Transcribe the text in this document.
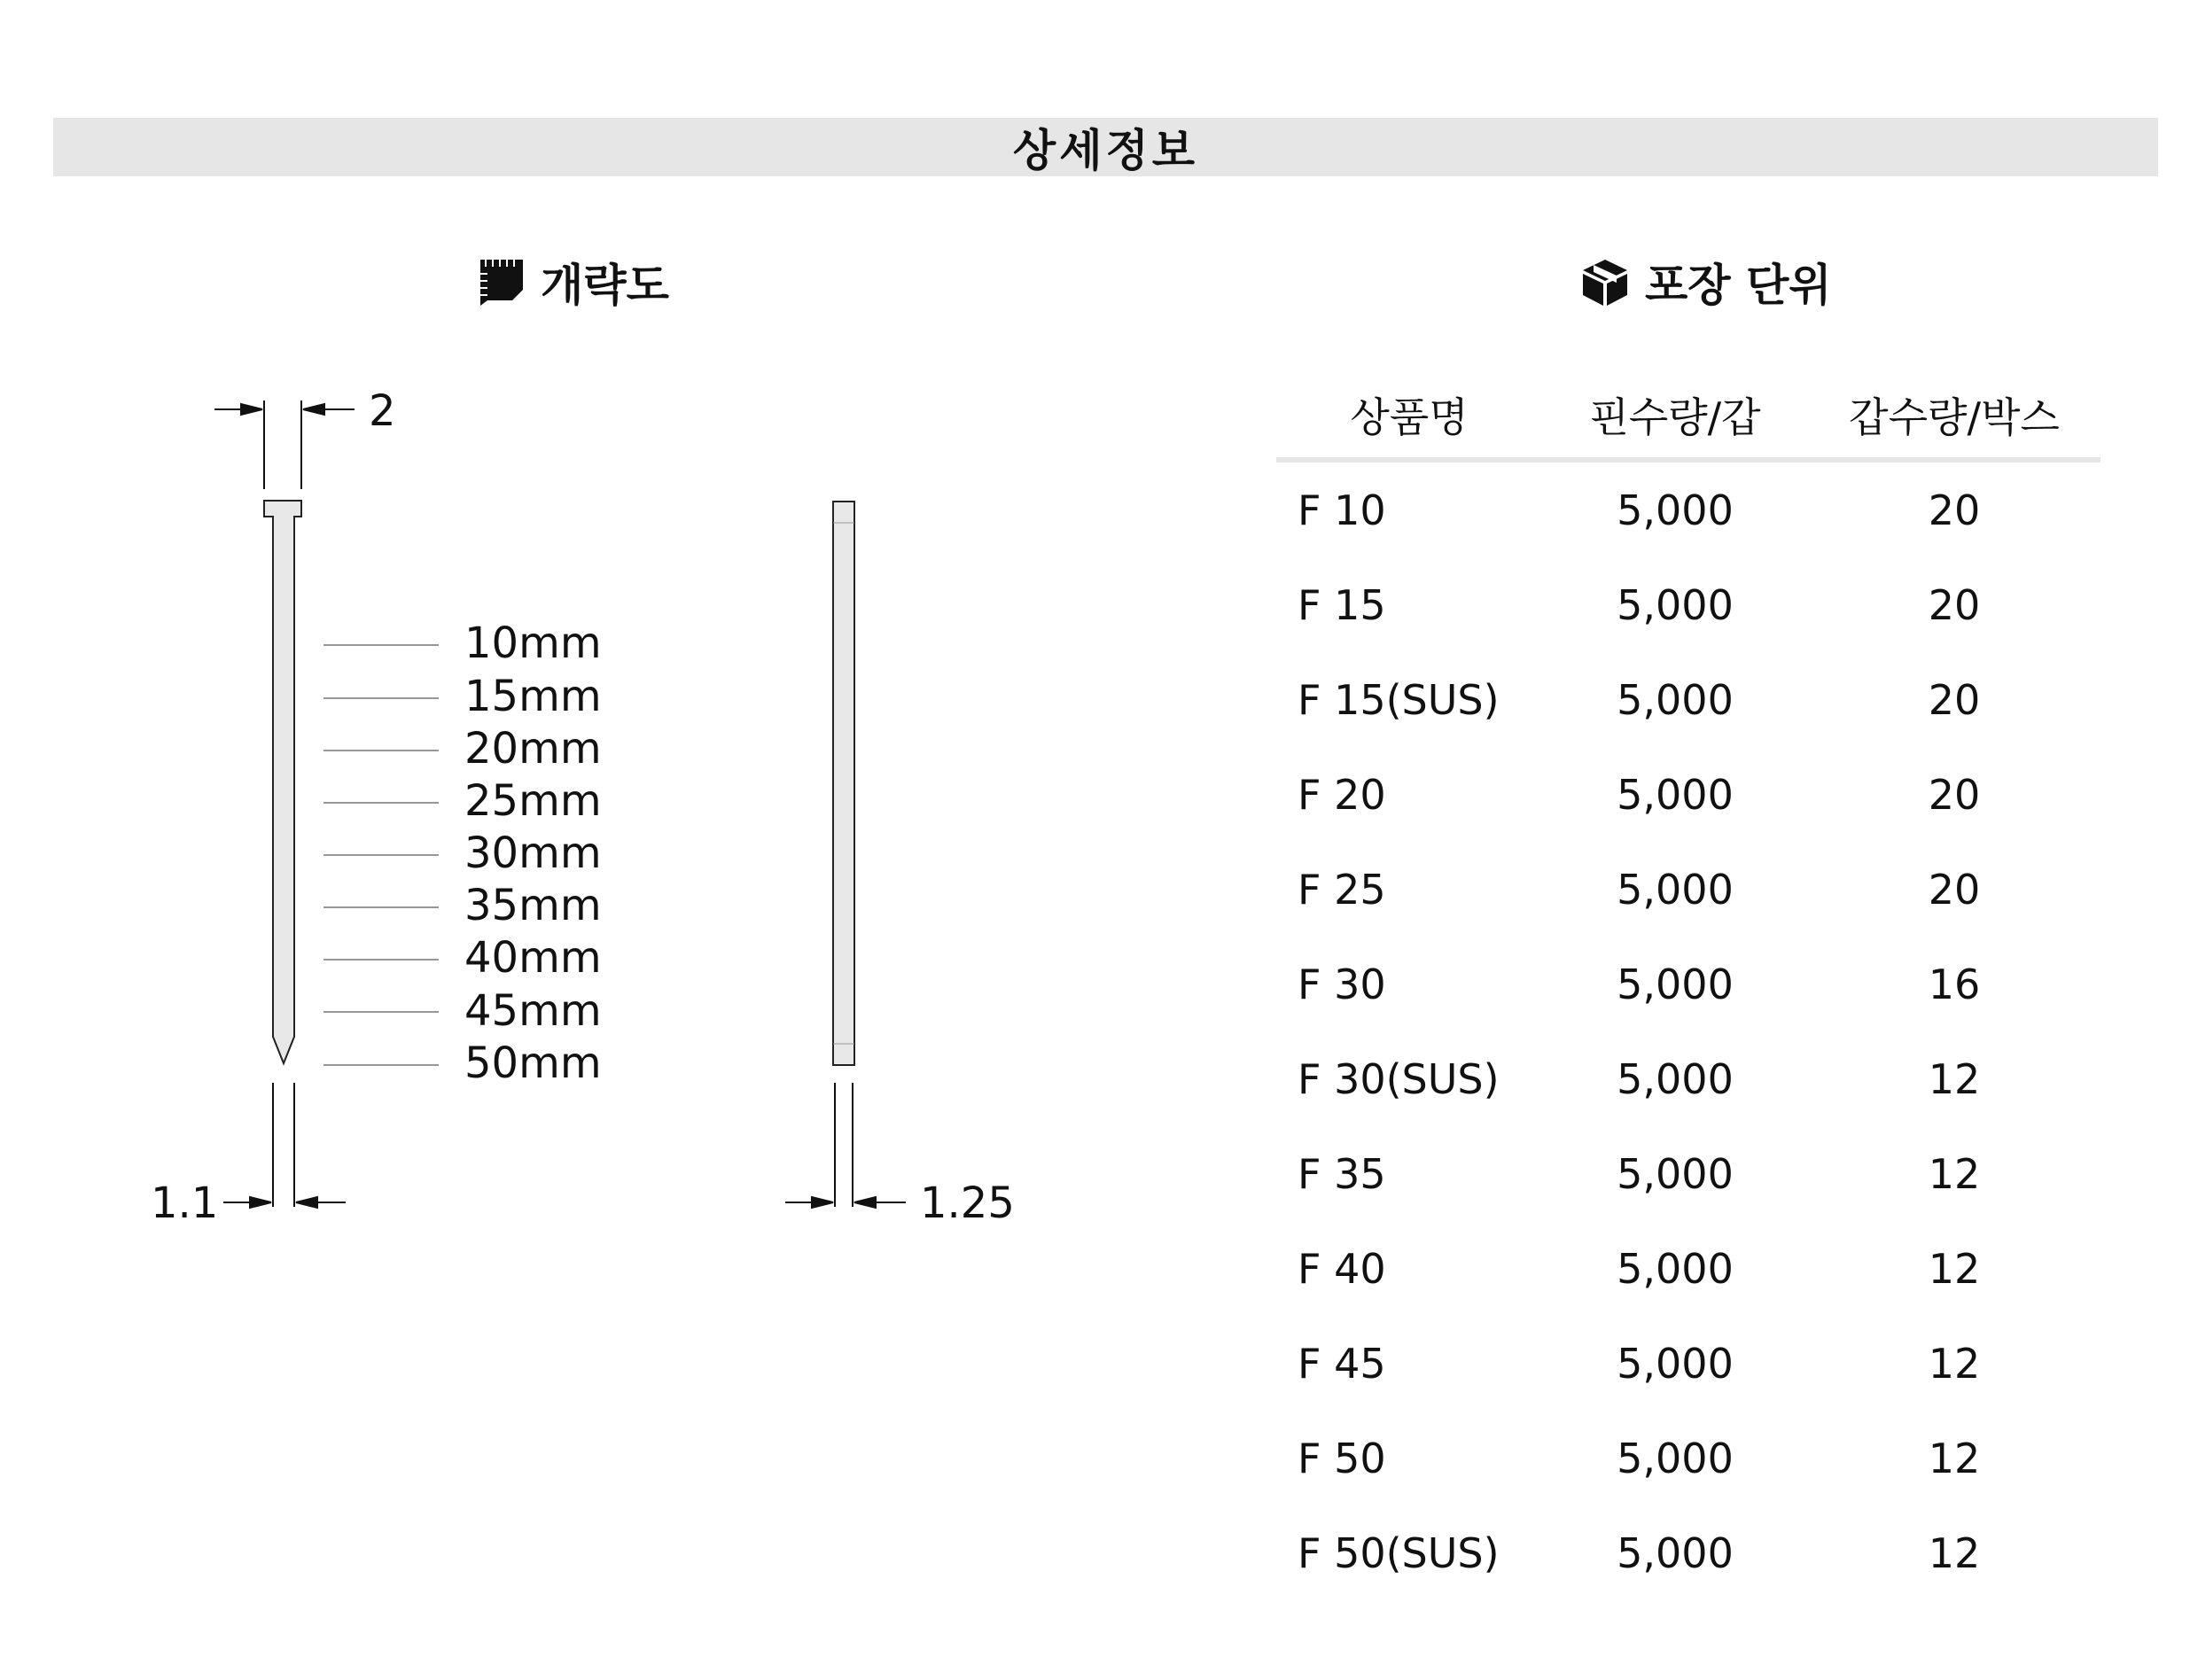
상세정보
개략도	포장 단위
2
10mm
15mm
20mm
25mm
30mm
35mm
40mm
45mm
50mm
1.1	1.25
상품명	핀수량/갑	갑수량/박스
F 10	5,000	20
F 15	5,000	20
F 15(SUS)	5,000	20
F 20	5,000	20
F 25	5,000	20
F 30	5,000	16
F 30(SUS)	5,000	12
F 35	5,000	12
F 40	5,000	12
F 45	5,000	12
F 50	5,000	12
F 50(SUS)	5,000	12
